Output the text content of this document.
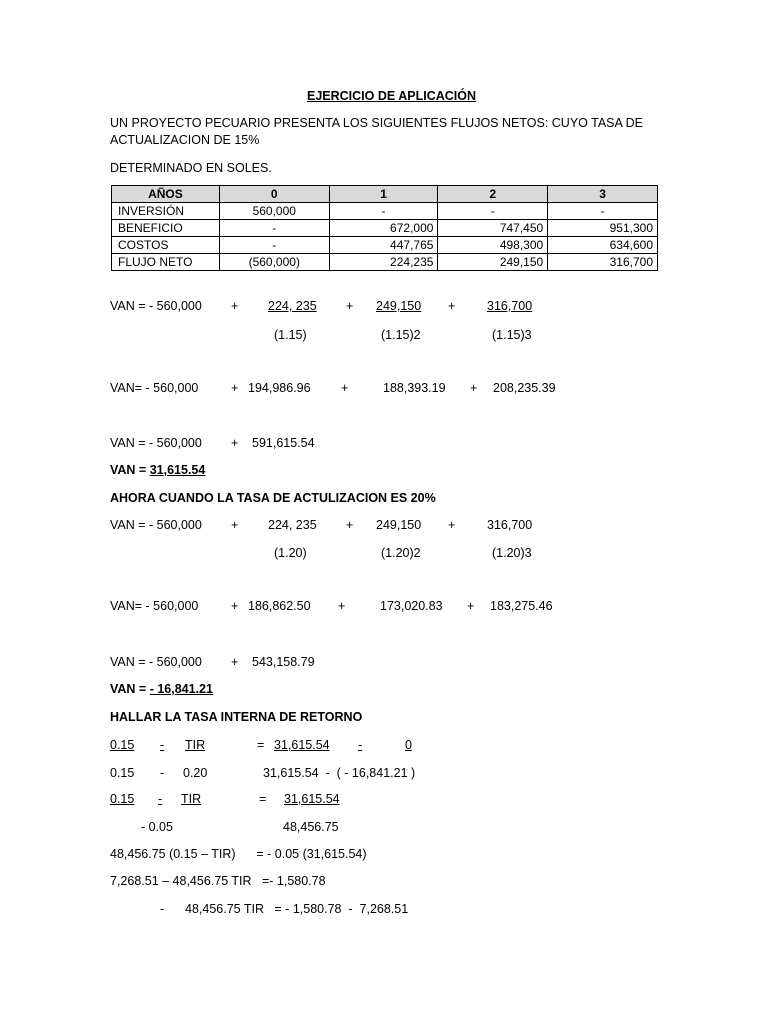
EJERCICIO DE APLICACIÓN
UN PROYECTO PECUARIO PRESENTA LOS SIGUIENTES FLUJOS NETOS: CUYO TASA DE
ACTUALIZACION DE 15%
DETERMINADO EN SOLES.
AÑOS	0	1	2	3
INVERSIÓN	560,000	-	-	-
BENEFICIO	-	672,000	747,450	951,300
COSTOS	-	447,765	498,300	634,600
FLUJO NETO	(560,000)	224,235	249,150	316,700
VAN = - 560,000 + 224, 235 + 249,150 +	316,700
(1.15)	(1.15)2	(1.15)3
VAN= - 560,000	+ 194,986.96 +	188,393.19 + 208,235.39
VAN = - 560,000 + 591,615.54
VAN = 31,615.54
AHORA CUANDO LA TASA DE ACTULIZACION ES 20%
VAN = - 560,000 + 224, 235 + 249,150 +	316,700
(1.20)	(1.20)2	(1.20)3
VAN= - 560,000	+ 186,862.50 +	173,020.83 + 183,275.46
VAN = - 560,000 + 543,158.79
VAN = - 16,841.21
HALLAR LA TASA INTERNA DE RETORNO
0.15 - TIR	= 31,615.54 -	0
0.15 - 0.20	31,615.54  -  ( - 16,841.21 )
0.15 - TIR	= 31,615.54
- 0.05	48,456.75
48,456.75 (0.15 – TIR)      = - 0.05 (31,615.54)
7,268.51 – 48,456.75 TIR   =- 1,580.78
- 48,456.75 TIR   = - 1,580.78  -  7,268.51
